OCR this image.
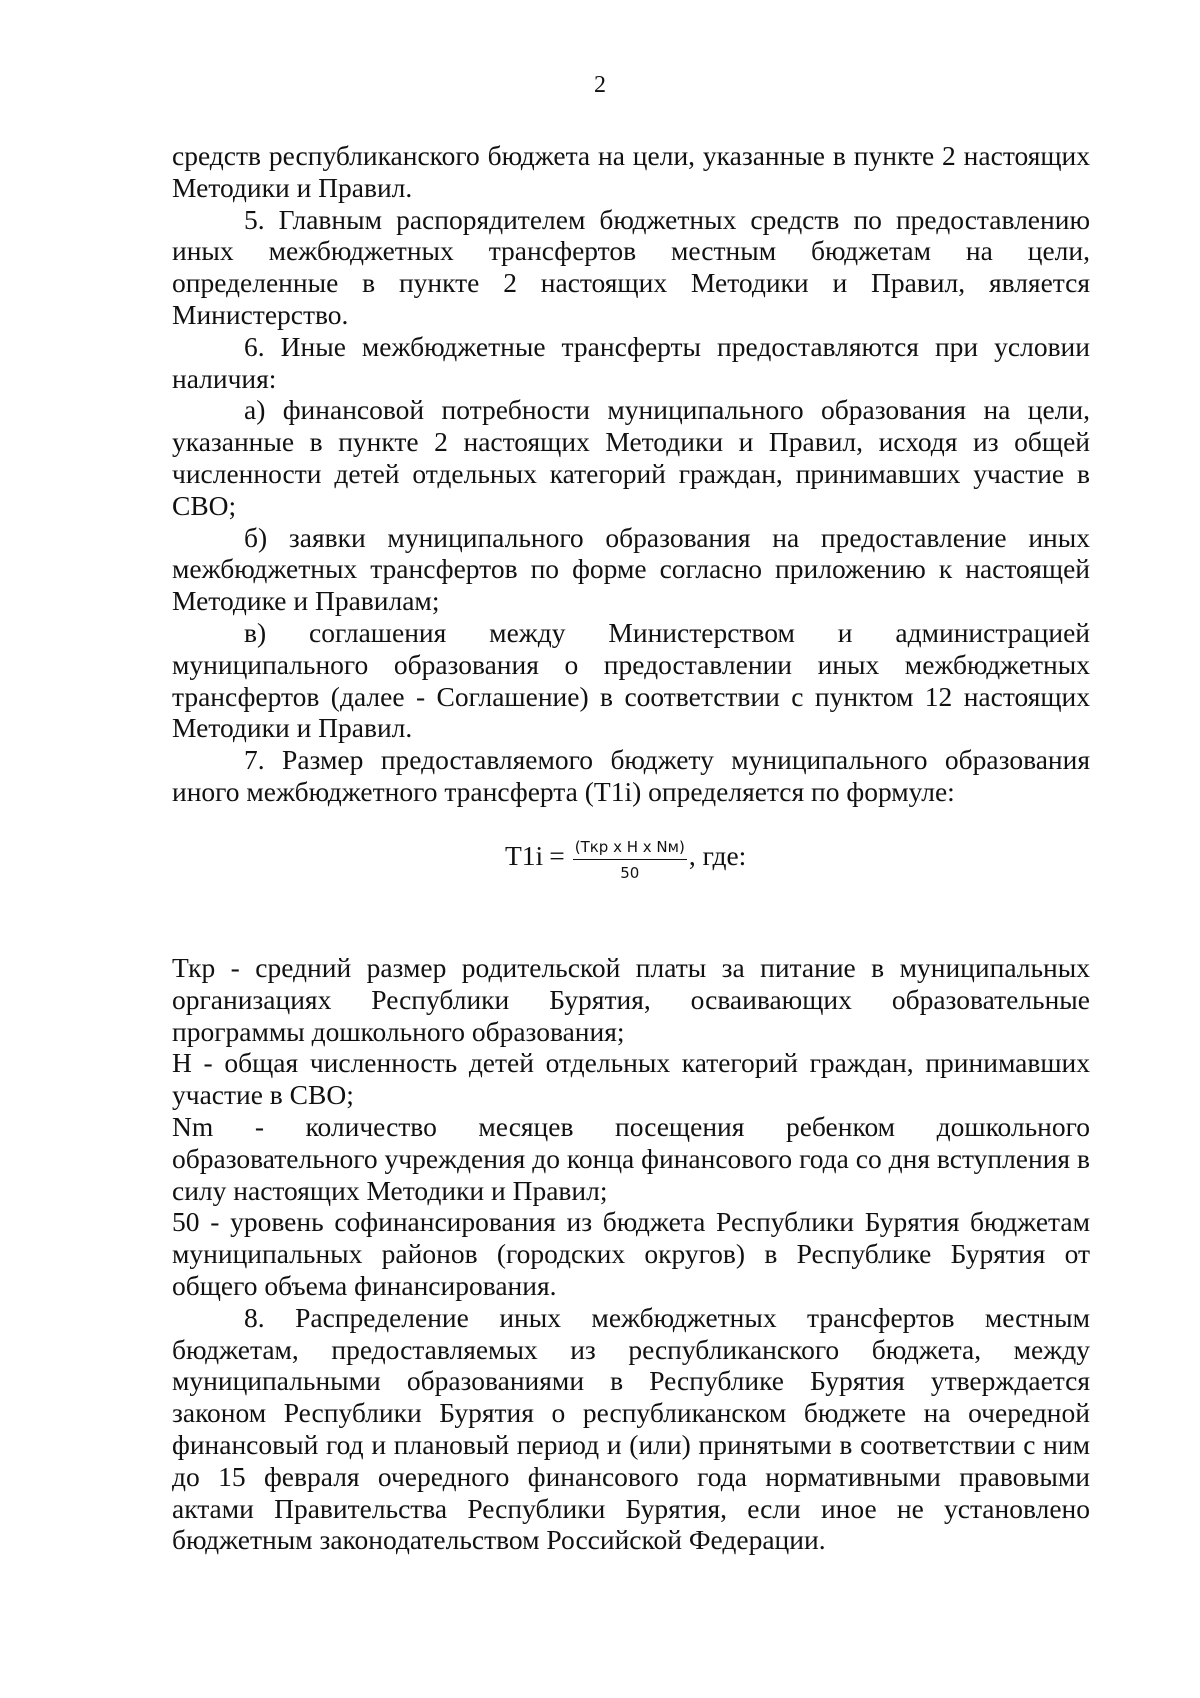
2

средств республиканского бюджета на цели, указанные в пункте 2 настоящих Методики и Правил.

5. Главным распорядителем бюджетных средств по предоставлению иных межбюджетных трансфертов местным бюджетам на цели, определенные в пункте 2 настоящих Методики и Правил, является Министерство.

6. Иные межбюджетные трансферты предоставляются при условии наличия:

а) финансовой потребности муниципального образования на цели, указанные в пункте 2 настоящих Методики и Правил, исходя из общей численности детей отдельных категорий граждан, принимавших участие в СВО;

б) заявки муниципального образования на предоставление иных межбюджетных трансфертов по форме согласно приложению к настоящей Методике и Правилам;

в) соглашения между Министерством и администрацией муниципального образования о предоставлении иных межбюджетных трансфертов (далее - Соглашение) в соответствии с пунктом 12 настоящих Методики и Правил.

7. Размер предоставляемого бюджету муниципального образования иного межбюджетного трансферта (T1i) определяется по формуле:

$T1i = \frac{\text{(Ткр x H x Nм)}}{50}$ , где:

Ткр - средний размер родительской платы за питание в муниципальных организациях Республики Бурятия, осваивающих образовательные программы дошкольного образования;

H - общая численность детей отдельных категорий граждан, принимавших участие в СВО;

Nm - количество месяцев посещения ребенком дошкольного образовательного учреждения до конца финансового года со дня вступления в силу настоящих Методики и Правил;

50 - уровень софинансирования из бюджета Республики Бурятия бюджетам муниципальных районов (городских округов) в Республике Бурятия от общего объема финансирования.

8. Распределение иных межбюджетных трансфертов местным бюджетам, предоставляемых из республиканского бюджета, между муниципальными образованиями в Республике Бурятия утверждается законом Республики Бурятия о республиканском бюджете на очередной финансовый год и плановый период и (или) принятыми в соответствии с ним до 15 февраля очередного финансового года нормативными правовыми актами Правительства Республики Бурятия, если иное не установлено бюджетным законодательством Российской Федерации.
